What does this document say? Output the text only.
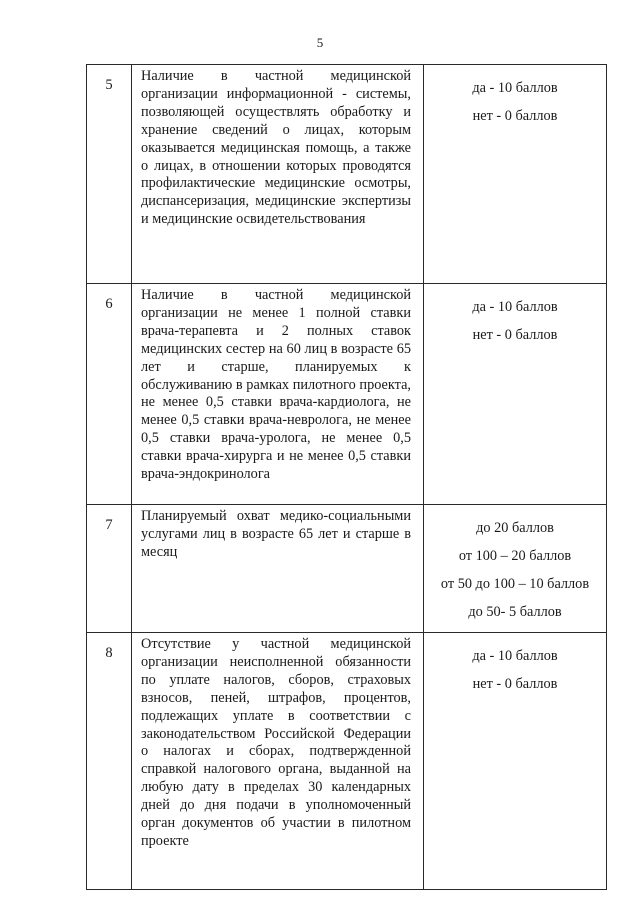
5
5	Наличие в частной медицинской организации информационной - системы, позволяющей осуществлять обработку и хранение сведений о лицах, которым оказывается медицинская помощь, а также о лицах, в отношении которых проводятся профилактические медицинские осмотры, диспансеризация, медицинские экспертизы и медицинские освидетельствования	да - 10 баллов
нет - 0 баллов

6	Наличие в частной медицинской организации не менее 1 полной ставки врача-терапевта и 2 полных ставок медицинских сестер на 60 лиц в возрасте 65 лет и старше, планируемых к обслуживанию в рамках пилотного проекта, не менее 0,5 ставки врача-кардиолога, не менее 0,5 ставки врача-невролога, не менее 0,5 ставки врача-уролога, не менее 0,5 ставки врача-хирурга и не менее 0,5 ставки врача-эндокринолога	да - 10 баллов
нет - 0 баллов

7	Планируемый охват медико-социальными услугами лиц в возрасте 65 лет и старше в месяц	до 20 баллов
от 100 – 20 баллов
от 50 до 100 – 10 баллов
до 50- 5 баллов

8	Отсутствие у частной медицинской организации неисполненной обязанности по уплате налогов, сборов, страховых взносов, пеней, штрафов, процентов, подлежащих уплате в соответствии с законодательством Российской Федерации о налогах и сборах, подтвержденной справкой налогового органа, выданной на любую дату в пределах 30 календарных дней до дня подачи в уполномоченный орган документов об участии в пилотном проекте	да - 10 баллов
нет - 0 баллов
